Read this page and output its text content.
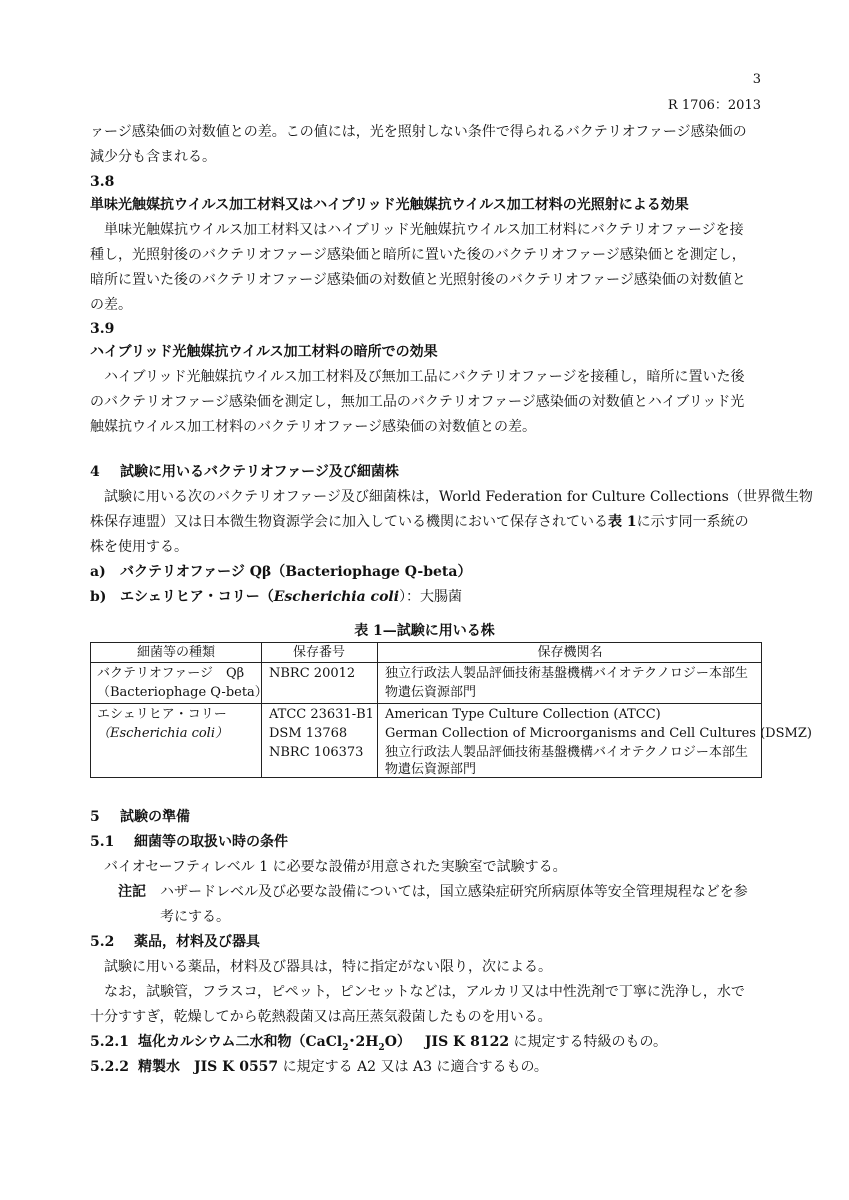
3
R 1706：2013
ァージ感染価の対数値との差。この値には，光を照射しない条件で得られるバクテリオファージ感染価の
減少分も含まれる。
3.8
単味光触媒抗ウイルス加工材料又はハイブリッド光触媒抗ウイルス加工材料の光照射による効果
単味光触媒抗ウイルス加工材料又はハイブリッド光触媒抗ウイルス加工材料にバクテリオファージを接
種し，光照射後のバクテリオファージ感染価と暗所に置いた後のバクテリオファージ感染価とを測定し，
暗所に置いた後のバクテリオファージ感染価の対数値と光照射後のバクテリオファージ感染価の対数値と
の差。
3.9
ハイブリッド光触媒抗ウイルス加工材料の暗所での効果
ハイブリッド光触媒抗ウイルス加工材料及び無加工品にバクテリオファージを接種し，暗所に置いた後
のバクテリオファージ感染価を測定し，無加工品のバクテリオファージ感染価の対数値とハイブリッド光
触媒抗ウイルス加工材料のバクテリオファージ感染価の対数値との差。
4 試験に用いるバクテリオファージ及び細菌株
試験に用いる次のバクテリオファージ及び細菌株は，World Federation for Culture Collections（世界微生物
株保存連盟）又は日本微生物資源学会に加入している機関において保存されている表 1に示す同一系統の
株を使用する。
a) バクテリオファージ Qβ（Bacteriophage Q-beta）
b) エシェリヒア・コリー（Escherichia coli）：大腸菌
表 1—試験に用いる株
細菌等の種類	保存番号	保存機関名
バクテリオファージ　Qβ
（Bacteriophage Q-beta）
NBRC 20012 独立行政法人製品評価技術基盤機構バイオテクノロジー本部生
物遺伝資源部門
エシェリヒア・コリー
（Escherichia coli）
ATCC 23631-B1
DSM 13768
NBRC 106373
American Type Culture Collection (ATCC)
German Collection of Microorganisms and Cell Cultures (DSMZ)
独立行政法人製品評価技術基盤機構バイオテクノロジー本部生
物遺伝資源部門
5 試験の準備
5.1 細菌等の取扱い時の条件
バイオセーフティレベル 1 に必要な設備が用意された実験室で試験する。
注記 ハザードレベル及び必要な設備については，国立感染症研究所病原体等安全管理規程などを参
考にする。
5.2 薬品，材料及び器具
試験に用いる薬品，材料及び器具は，特に指定がない限り，次による。
なお，試験管，フラスコ，ピペット，ピンセットなどは，アルカリ又は中性洗剤で丁寧に洗浄し，水で
十分すすぎ，乾燥してから乾熱殺菌又は高圧蒸気殺菌したものを用いる。
5.2.1 塩化カルシウム二水和物（CaCl$_2$･$2H_2O$）  JIS K 8122 に規定する特級のもの。
5.2.2 精製水  JIS K 0557 に規定する A2 又は A3 に適合するもの。
